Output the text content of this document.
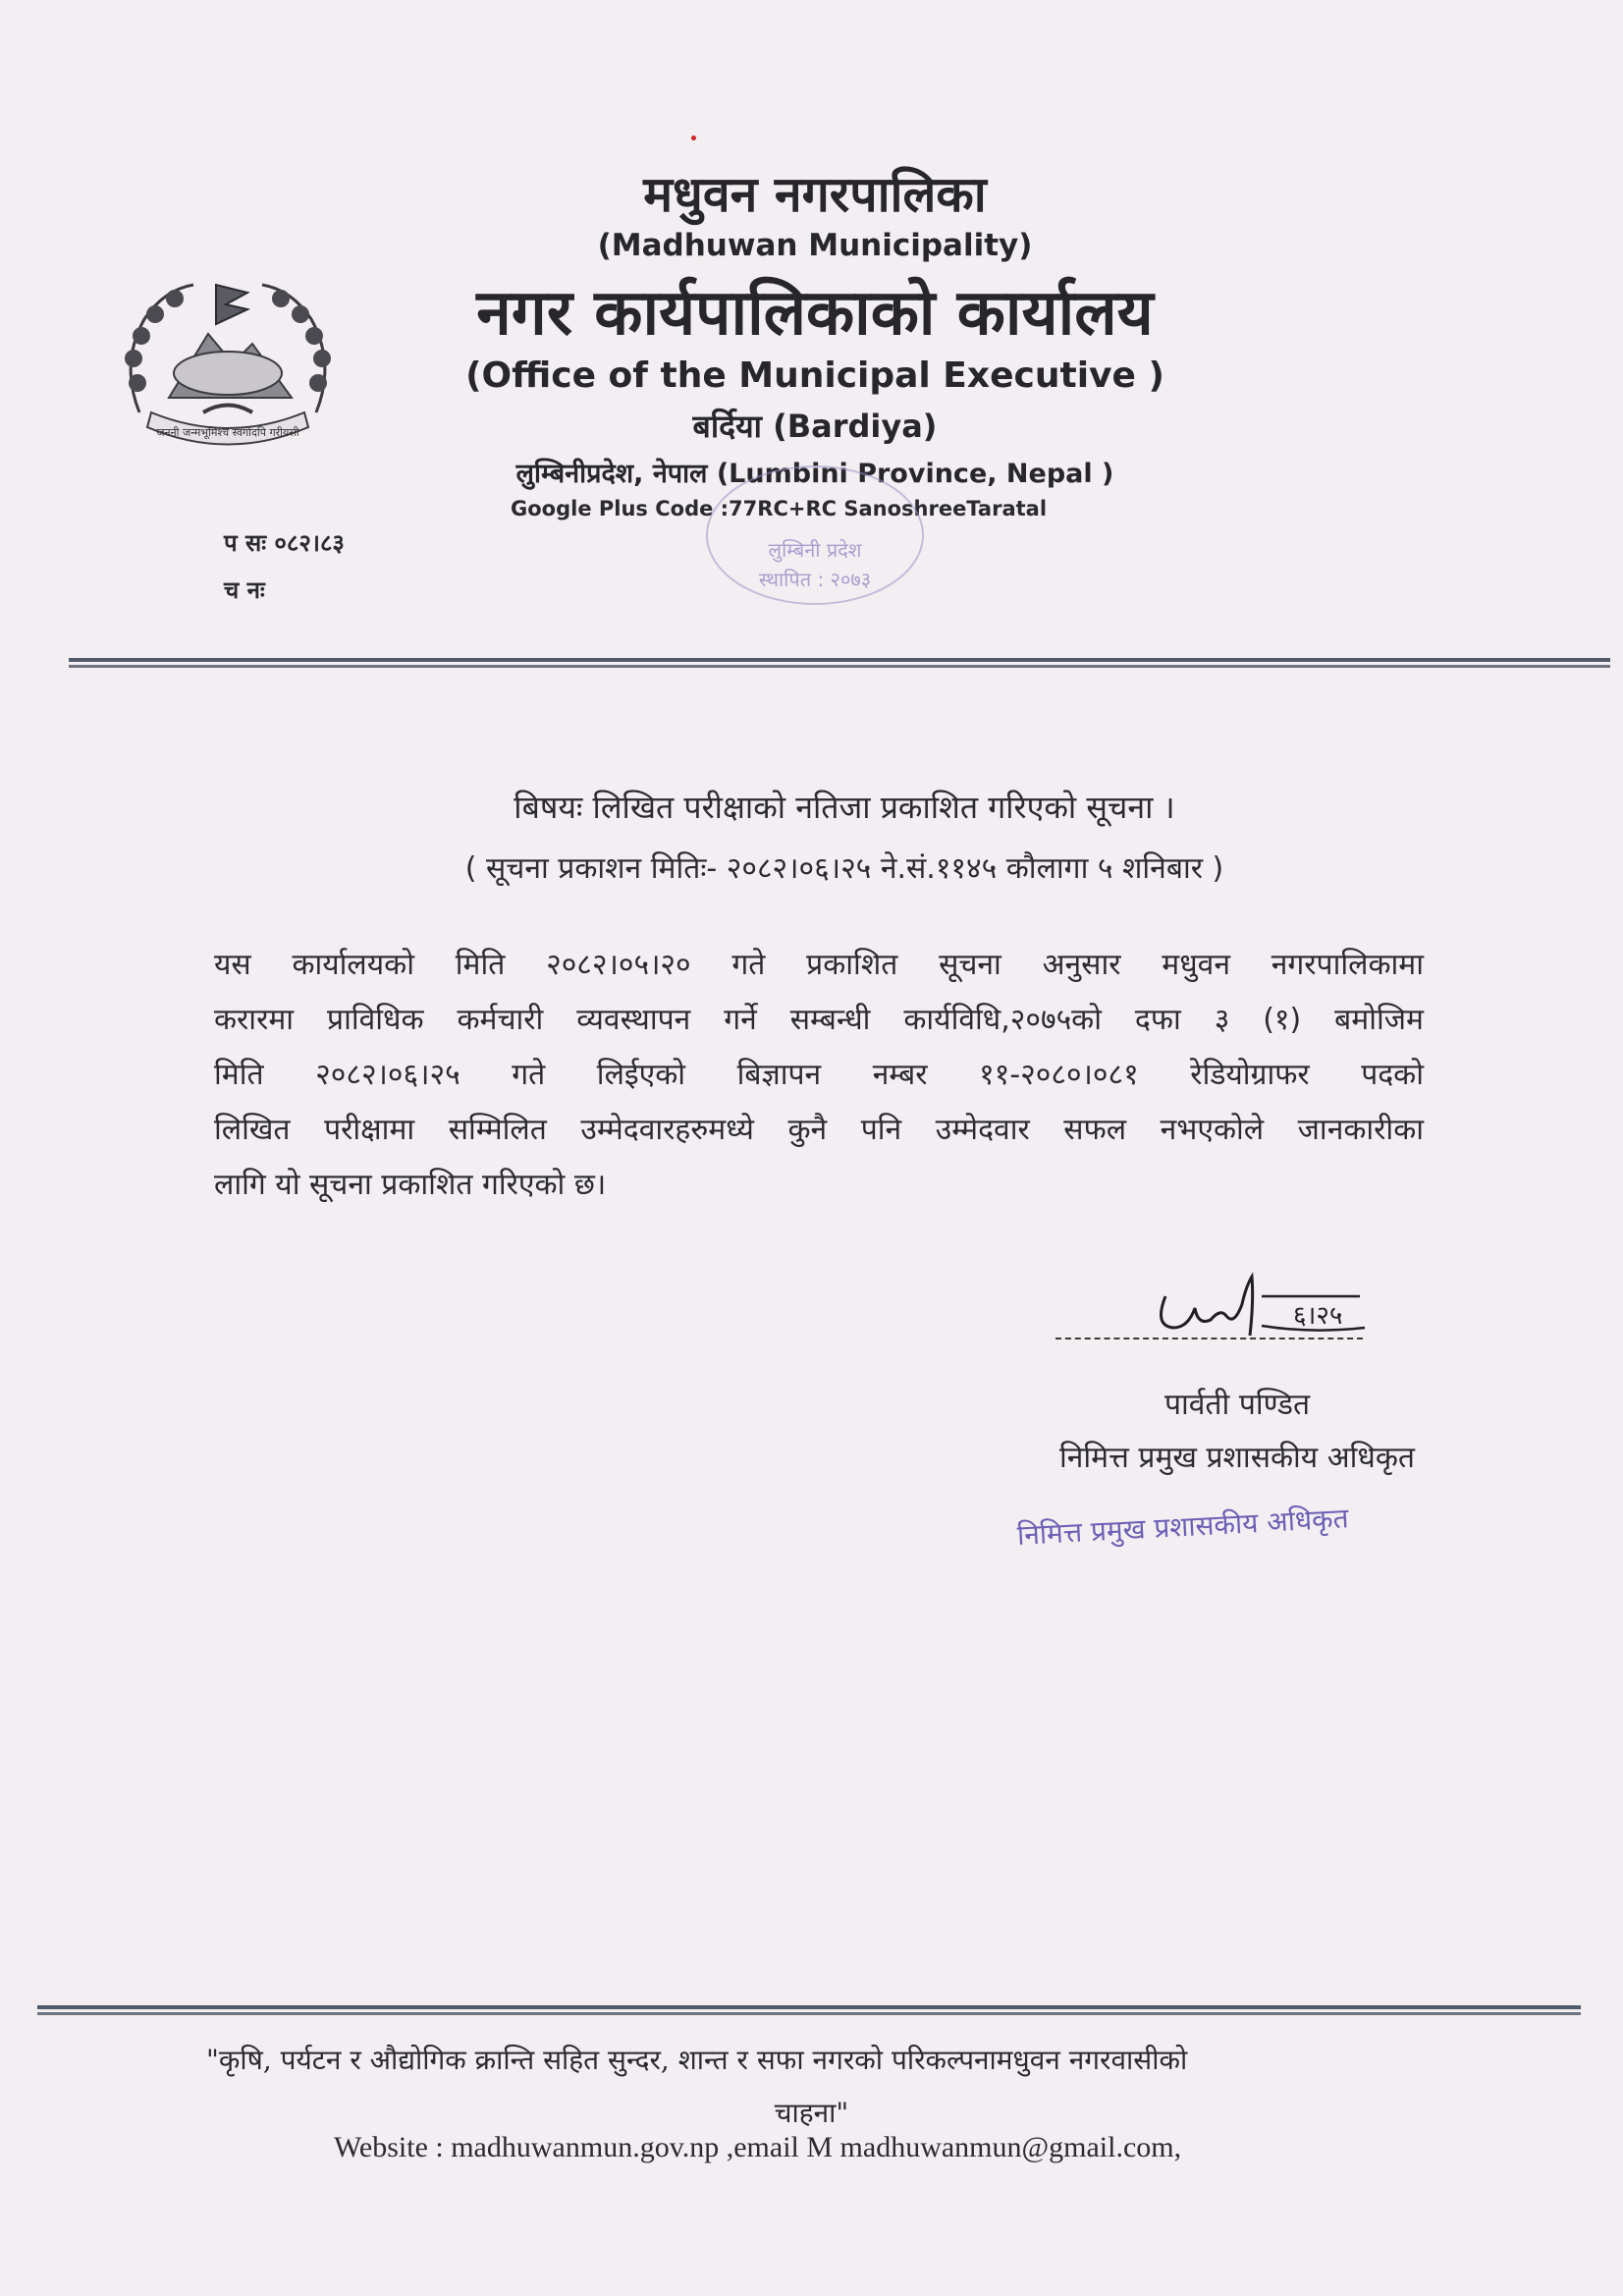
जननी जन्मभूमिश्च स्वर्गादपि गरीयसी
मधुवन नगरपालिका
(Madhuwan Municipality)
नगर कार्यपालिकाको कार्यालय
(Office of the Municipal Executive )
बर्दिया (Bardiya)
लुम्बिनीप्रदेश, नेपाल (Lumbini Province, Nepal )
Google Plus Code :77RC+RC SanoshreeTaratal
लुम्बिनी प्रदेश
स्थापित : २०७३
प सः ०८२।८३
च नः
बिषयः लिखित परीक्षाको नतिजा प्रकाशित गरिएको सूचना ।
( सूचना प्रकाशन मितिः- २०८२।०६।२५ ने.सं.११४५ कौलागा ५ शनिबार )
यस कार्यालयको मिति २०८२।०५।२० गते प्रकाशित सूचना अनुसार मधुवन नगरपालिकामा
करारमा प्राविधिक कर्मचारी व्यवस्थापन गर्ने सम्बन्धी कार्यविधि,२०७५को दफा ३ (१) बमोजिम
मिति २०८२।०६।२५ गते लिईएको बिज्ञापन नम्बर ११-२०८०।०८१ रेडियोग्राफर पदको
लिखित परीक्षामा सम्मिलित उम्मेदवारहरुमध्ये कुनै पनि उम्मेदवार सफल नभएकोले जानकारीका
लागि यो सूचना प्रकाशित गरिएको छ।
६।२५
पार्वती पण्डित
निमित्त प्रमुख प्रशासकीय अधिकृत
निमित्त प्रमुख प्रशासकीय अधिकृत
"कृषि, पर्यटन र औद्योगिक क्रान्ति सहित सुन्दर, शान्त र सफा नगरको परिकल्पनामधुवन नगरवासीको
चाहना"
Website : madhuwanmun.gov.np ,email M madhuwanmun@gmail.com,
